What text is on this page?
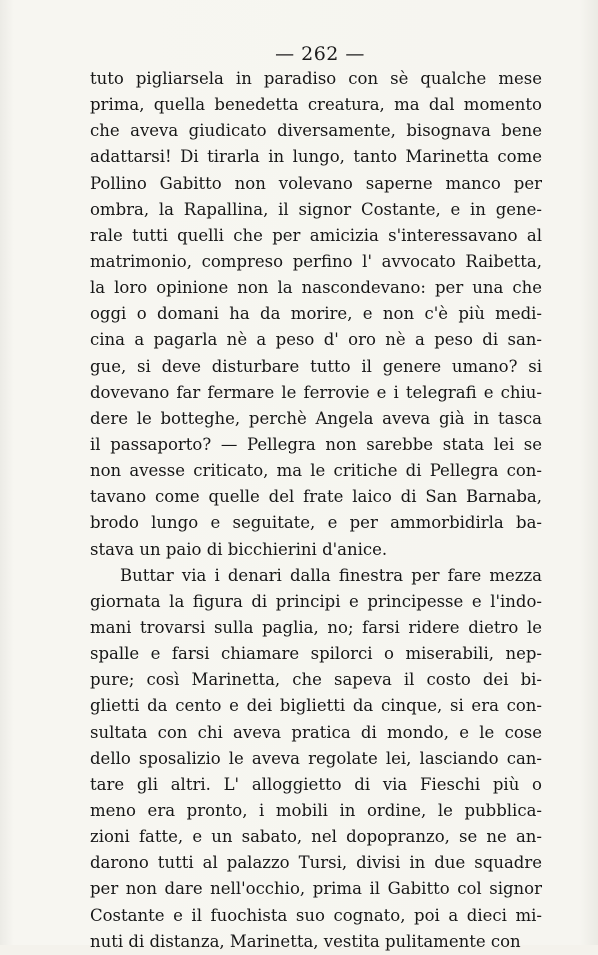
— 262 —
tuto pigliarsela in paradiso con sè qualche mese
prima, quella benedetta creatura, ma dal momento
che aveva giudicato diversamente, bisognava bene
adattarsi! Di tirarla in lungo, tanto Marinetta come
Pollino Gabitto non volevano saperne manco per
ombra, la Rapallina, il signor Costante, e in gene-
rale tutti quelli che per amicizia s'interessavano al
matrimonio, compreso perfino l' avvocato Raibetta,
la loro opinione non la nascondevano: per una che
oggi o domani ha da morire, e non c'è più medi-
cina a pagarla nè a peso d' oro nè a peso di san-
gue, si deve disturbare tutto il genere umano? si
dovevano far fermare le ferrovie e i telegrafi e chiu-
dere le botteghe, perchè Angela aveva già in tasca
il passaporto? — Pellegra non sarebbe stata lei se
non avesse criticato, ma le critiche di Pellegra con-
tavano come quelle del frate laico di San Barnaba,
brodo lungo e seguitate, e per ammorbidirla ba-
stava un paio di bicchierini d'anice.
Buttar via i denari dalla finestra per fare mezza
giornata la figura di principi e principesse e l'indo-
mani trovarsi sulla paglia, no; farsi ridere dietro le
spalle e farsi chiamare spilorci o miserabili, nep-
pure; così Marinetta, che sapeva il costo dei bi-
glietti da cento e dei biglietti da cinque, si era con-
sultata con chi aveva pratica di mondo, e le cose
dello sposalizio le aveva regolate lei, lasciando can-
tare gli altri. L' alloggietto di via Fieschi più o
meno era pronto, i mobili in ordine, le pubblica-
zioni fatte, e un sabato, nel dopopranzo, se ne an-
darono tutti al palazzo Tursi, divisi in due squadre
per non dare nell'occhio, prima il Gabitto col signor
Costante e il fuochista suo cognato, poi a dieci mi-
nuti di distanza, Marinetta, vestita pulitamente con
